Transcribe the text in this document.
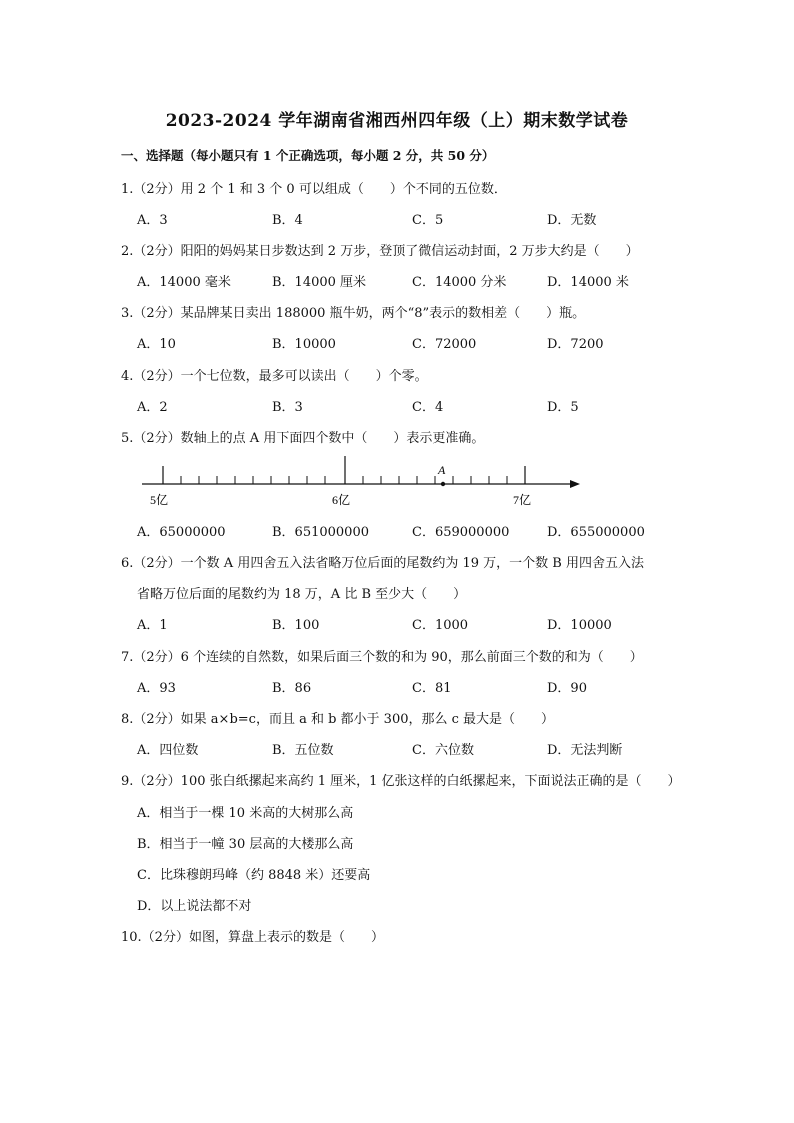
2023-2024 学年湖南省湘西州四年级（上）期末数学试卷
一、选择题（每小题只有 1 个正确选项，每小题 2 分，共 50 分）
1.（2分）用 2 个 1 和 3 个 0 可以组成（　　）个不同的五位数．
A．3	B．4	C．5	D．无数
2.（2分）阳阳的妈妈某日步数达到 2 万步，登顶了微信运动封面，2 万步大约是（　　）
A．14000 毫米	B．14000 厘米	C．14000 分米	D．14000 米
3.（2分）某品牌某日卖出 188000 瓶牛奶，两个“8”表示的数相差（　　）瓶。
A．10	B．10000	C．72000	D．7200
4.（2分）一个七位数，最多可以读出（　　）个零。
A．2	B．3	C．4	D．5
5.（2分）数轴上的点 A 用下面四个数中（　　）表示更准确。
A
5亿	6亿	7亿
A．65000000	B．651000000	C．659000000	D．655000000
6.（2分）一个数 A 用四舍五入法省略万位后面的尾数约为 19 万，一个数 B 用四舍五入法
省略万位后面的尾数约为 18 万，A 比 B 至少大（　　）
A．1	B．100	C．1000	D．10000
7.（2分）6 个连续的自然数，如果后面三个数的和为 90，那么前面三个数的和为（　　）
A．93	B．86	C．81	D．90
8.（2分）如果 a×b=c，而且 a 和 b 都小于 300，那么 c 最大是（　　）
A．四位数	B．五位数	C．六位数	D．无法判断
9.（2分）100 张白纸摞起来高约 1 厘米，1 亿张这样的白纸摞起来，下面说法正确的是（　　）
A．相当于一棵 10 米高的大树那么高
B．相当于一幢 30 层高的大楼那么高
C．比珠穆朗玛峰（约 8848 米）还要高
D．以上说法都不对
10.（2分）如图，算盘上表示的数是（　　）
